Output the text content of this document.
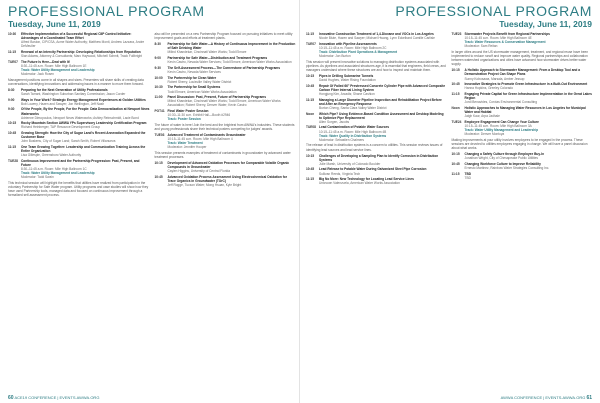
PROFESSIONAL PROGRAM
Tuesday, June 11, 2019
10:30	Effective Implementation of a Successful Regional CIIP Control Initiative: Advantages of a Coordinated Team Effort
Alfred Boston, CIP/CSA, Acme Water Authority; Matthew Monti, Andrew Lazzara, Andre DeMeuller
11:15	Renewal of an Intercity Partnership: Developing Relationships from Reputation
Sian Adams, Attorney & Consultants; Marc Haywood, Mitchell Schmit, Track Fullbright
TUE07 The Future Is Here—Deal with It!
8:30–11:45 a.m. Room: Mile High Ballroom 1E
Track: Water Utility Management and Leadership
Moderator: Jack Rosen
Management positions come in all shapes and sizes. Presenters will share skills of creating data conversations, identifying innovations and addressing issues in a manner to move them forward.
8:30	Preparing for the Next Generation of Utility Professionals
Sarah Tarrant, Washington Suburban Sanitary Commission; Jason Corder
9:00	Ways in Your Work? Strategic Energy Management Experiences at Golden Utilities
Bob Lowery, Hazen and Sawyer; Jon Wellington, Jeff Nash
9:30	Of the People, By the People, For the People: Data Democratization at Newport News Waterworks
Adrienne Dimopoulos, Newport News Waterworks; Ashley Reinschmidt, Lacie Bond
10:15	Rocky Mountain Section AWWA YPs Supervisory Leadership Certification Program
Richard Heinberger, TAP Resource Development Group
10:45	Growing Strength: How the City of Sugar Land's Recent Annexation Expanded the Customer Base
John Buskens, City of Sugar Land; Sarah Smith, Robert Villanueva
11:15	One Team Growing Together: Leadership and Communication Training Across the Entire Organization
Lisa Gillespie, Greensboro Water Authority
TUE28 Continuous Improvement and the Partnership Progression: Past, Present, and Future
8:30–11:45 a.m. Room: Mile High Ballroom 1C
Track: Water Utility Management and Leadership
Moderator: Todd Swain
This technical session will highlight the benefits that utilities have realized from participation in the voluntary Partnership for Safe Water program. Utility programs and case studies will show how they have used Partnership tools, managed data and focused on continuous improvement through a formalized self-assessment process.
also will be presented on a new Partnership Program focused on pursuing initiatives to meet utility improvement goals and efforts at treatment plants.
8:30	Partnership for Safe Water—A History of Continuous Improvement in the Production of Safe Drinking Water
Milind Khandekar, Cincinnati Water Works; Todd Elmore
9:00	Partnership for Safe Water—Distribution and Treatment Programs
Kevin Castro, Nevada Water Services; Todd Elmore, American Water Works Association
9:30	The Self-Assessment Process—The Cornerstone of Partnership Programs
Kevin Castro, Nevada Water Services
10:00	The Partnership for Clean Water
Robert Sherry, Louisville Valley Water District
10:30	The Partnership for Small Systems
Todd Elmore, American Water Works Association
11:00	Panel Discussion: Past, Present, Future of Partnership Programs
Milind Khandekar, Cincinnati Water Works; Todd Elmore, American Water Works Association; Robert Sherry, Denver Water; Kevin Castro
POT41 Final Water Poster Session
10:30–11:30 a.m. Exhibit Hall—Booth #2946
Track: Poster Session
The future of water is here! Join the best and the brightest from AWWA's industries. These students and young professionals share their technical posters competing for judges' awards.
TUE03 Advanced Treatment of Contaminants Groundwater
10:15–11:45 a.m. Room: Mile High Ballroom 4
Track: Water Treatment
Moderator: Jennifer Hooper
This session presents examples of treatment of contaminants in groundwater by advanced water treatment processes.
10:15	Development of Advanced Oxidation Processes for Comparable Volatile Organic Compounds in Groundwater
Caylen Higgins, University of Central Florida
10:45	Advanced Oxidation Process Assessment Using Electrochemical Oxidation for Trace Organics in Groundwater (TOrC)
Jeff Rogge, Tucson Water; Mong Hsuan, Kyle Bright
60 ACE19 CONFERENCE | EVENTS.AWWA.ORG
PROFESSIONAL PROGRAM
Tuesday, June 11, 2019
11:15	Innovative Construction Treatment of 1,4-Dioxane and VOCs in Los Angeles
Nicole Blute, Hazen and Sawyer; Michael Hwang, Lynn Eckelbard Camille Carlisle
TUE07 Innovation with Pipeline Assessments
10:15–11:45 a.m. Room: Mile High Ballroom 2C
Track: Distribution Plant Operations & Management
Moderator: Jon Burton
This session will present innovative solutions to managing distribution systems associated with pipelines. As pipelines and associated structures age, it is essential that engineers, field crews, and managers understand where these structures are and how to inspect and maintain them.
10:15	Pipes in Drilling Submarine Tunnels
David Hughes, Water Rising Foundation
10:45	Repair Of Failed 66" Prestressed Concrete Cylinder Pipe with Advanced Composite Carbon Fiber Internal Lining System
Hongjung Kim, Arcadis; Shane Cashion
11:15	Managing a Large Diameter Pipeline Inspection and Rehabilitation Project Before and After an Emergency Response
Burton Cheng, Santa Clara Valley Water District
Noon	Which Pipe? Using Evidence-Based Condition Assessment and Desktop Modeling to Optimize Pipe Replacement
Allen Sorgen, Jacobs
TUE08 Lead Contamination of Potable Water Sources
10:15–11:45 a.m. Room: Mile High Ballroom 4B
Track: Water Quality in Distribution Systems
Moderator: Sebastien Chalmers
The release of lead in distribution systems is a concern to utilities. This session reviews issues of identifying lead sources and lead service lines.
10:15	Challenges of Developing a Sampling Plan to Identify Corrosion in Distribution Systems
Julie Marsh, University of Colorado Boulder
10:45	Lead Release to Potable Water During Galvanized Steel Pipe Corrosion
Sullivan Reeds, Virginia Tech
11:15	Big No More: New Technology for Locating Lead Service Lines
Unknown Valenzuela, American Water Works Association
TUE23 Stormwater Projects Benefit from Regional Partnerships
10:15–11:45 a.m. Room: Mile High Ballroom 4E
Track: Water Resources & Conservation Management
Moderator: Sam Reitan
In larger cities around the US stormwater management, treatment, and regional reuse have been implemented to reduce runoff and improve water quality. Regional partnerships and collaboration between watershed organizations and cities have advanced how stormwater drives better water supply.
10:15	A Holistic Approach to Stormwater Management: From a Desktop Tool and a Demonstration Project Can Shape Plans
Sunny Kobosawa, Marsala, Amber Jessup
10:45	Innovative Strategies to Promote Green Infrastructure in a Built-Out Environment
Hanna Hopkins, Greeley Colorado
11:15	Engaging Private Capital for Green Infrastructure Implementation in the Great Lakes Region
Jordi Benavides, Corvias Environmental Consulting
Noon	Holistic Approaches to Managing Water Resources in Los Angeles for Municipal Water and Habitat
Jaigh Kaur, Arpa Jadhale
TUE24 Employee Engagement Can Change Your Culture
10:15–11:45 a.m. Room: Mile High Ballroom 3A
Track: Water Utility Management and Leadership
Moderator: Denver Montoya
Making improvements at your utility involves employees to be engaged in the process. These sessions are devoted to utilities employees engaging in change. We will have a panel discussion about what works.
10:15	Changing a Safety Culture through Employee Buy-In
Jonathan Wright, City of Chesapeake Public Utilities
10:45	Changing Workforce Culture to Improve Reliability
Ernesto Martinez, Rainbow Water Strategies Consulting Inc.
11:15	TBD
TBD
AWWA CONFERENCE | EVENTS.AWWA.ORG 61
